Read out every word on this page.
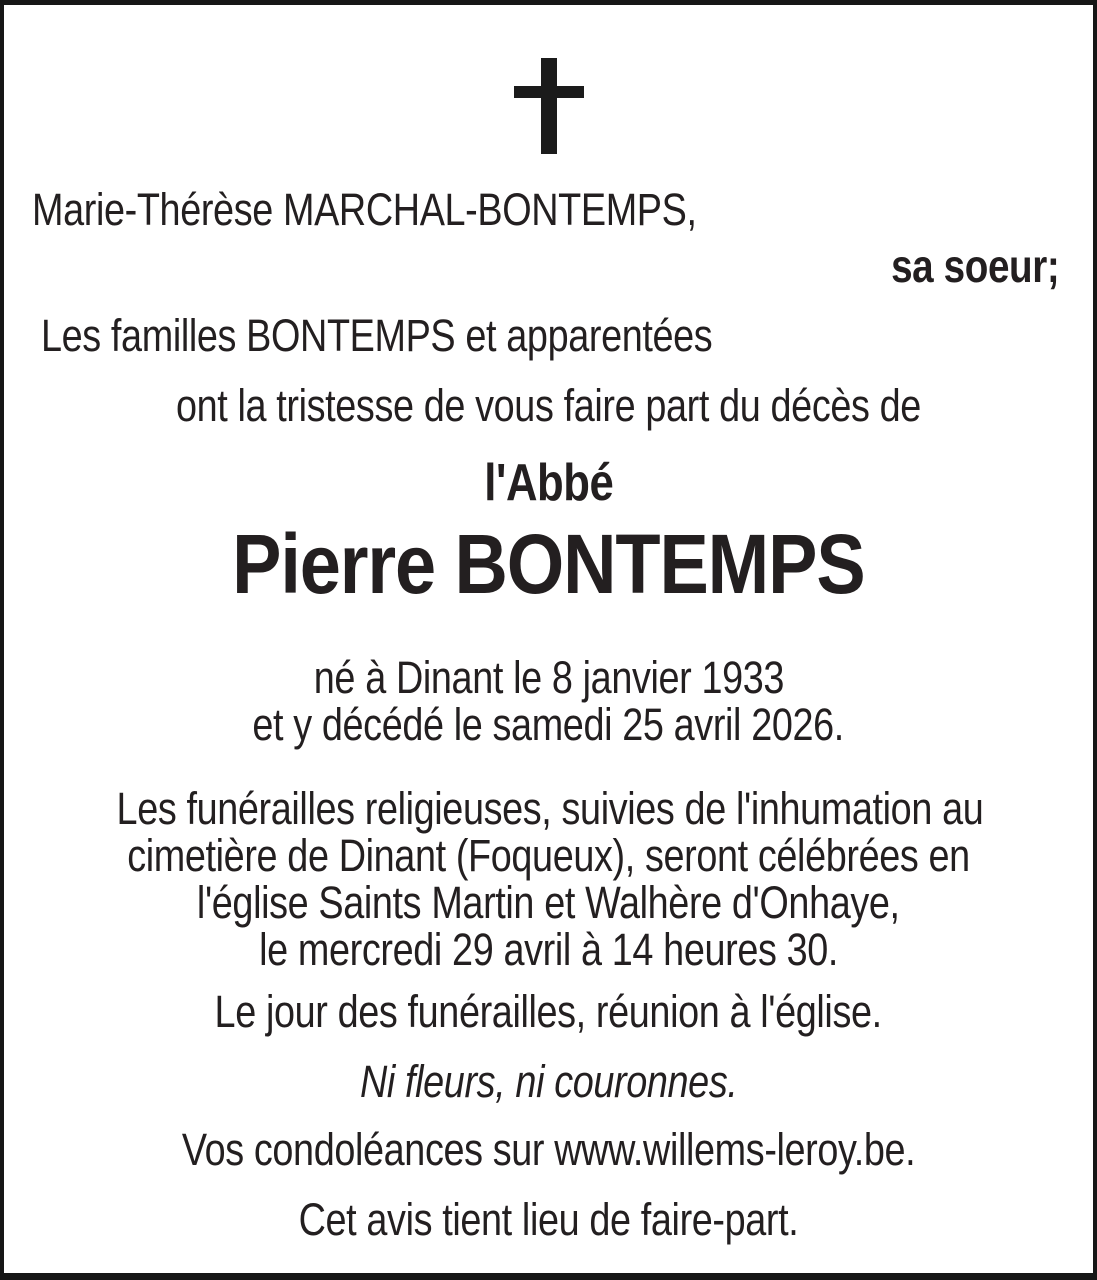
Marie-Thérèse MARCHAL-BONTEMPS,
sa soeur;
Les familles BONTEMPS et apparentées
ont la tristesse de vous faire part du décès de
l'Abbé
Pierre BONTEMPS
né à Dinant le 8 janvier 1933
et y décédé le samedi 25 avril 2026.
Les funérailles religieuses, suivies de l'inhumation au
cimetière de Dinant (Foqueux), seront célébrées en
l'église Saints Martin et Walhère d'Onhaye,
le mercredi 29 avril à 14 heures 30.
Le jour des funérailles, réunion à l'église.
Ni fleurs, ni couronnes.
Vos condoléances sur www.willems-leroy.be.
Cet avis tient lieu de faire-part.
